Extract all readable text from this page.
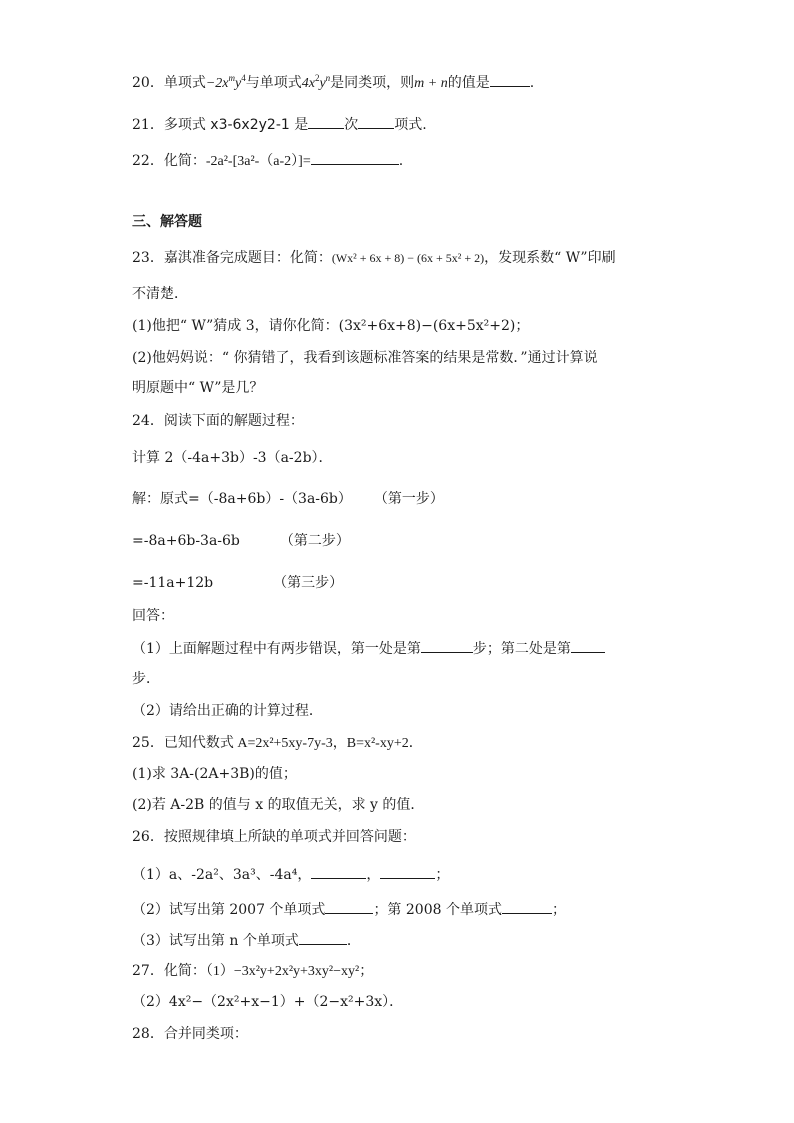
20．单项式$-2x^my^4$与单项式$4x^2y^n$是同类项，则m + n的值是	.
21．多项式 x3-6x2y2-1 是	次	项式.
22．化简：-2a²-[3a²-（a-2）]=	.
三、解答题
23．嘉淇准备完成题目：化简：(Wx² + 6x + 8) − (6x + 5x² + 2)，发现系数“ W”印刷
不清楚．
(1)他把“ W”猜成 3，请你化简：(3x²+6x+8)−(6x+5x²+2)；
(2)他妈妈说：“ 你猜错了，我看到该题标准答案的结果是常数．”通过计算说
明原题中“ W”是几？
24．阅读下面的解题过程：
计算 2（-4a+3b）-3（a-2b）．
解：原式=（-8a+6b）-（3a-6b） （第一步）
=-8a+6b-3a-6b	（第二步）
=-11a+12b	（第三步）
回答：
（1）上面解题过程中有两步错误，第一处是第	步；第二处是第
步．
（2）请给出正确的计算过程．
25．已知代数式 A=2x²+5xy-7y-3，B=x²-xy+2．
(1)求 3A-(2A+3B)的值；
(2)若 A-2B 的值与 x 的取值无关，求 y 的值．
26．按照规律填上所缺的单项式并回答问题：
（1）a、-2a²、3a³、-4a⁴，	，	；
（2）试写出第 2007 个单项式	；第 2008 个单项式	；
（3）试写出第 n 个单项式	．
27．化简：（1）−3x²y+2x²y+3xy²−xy²；
（2）4x²−（2x²+x−1）+（2−x²+3x）．
28．合并同类项：
